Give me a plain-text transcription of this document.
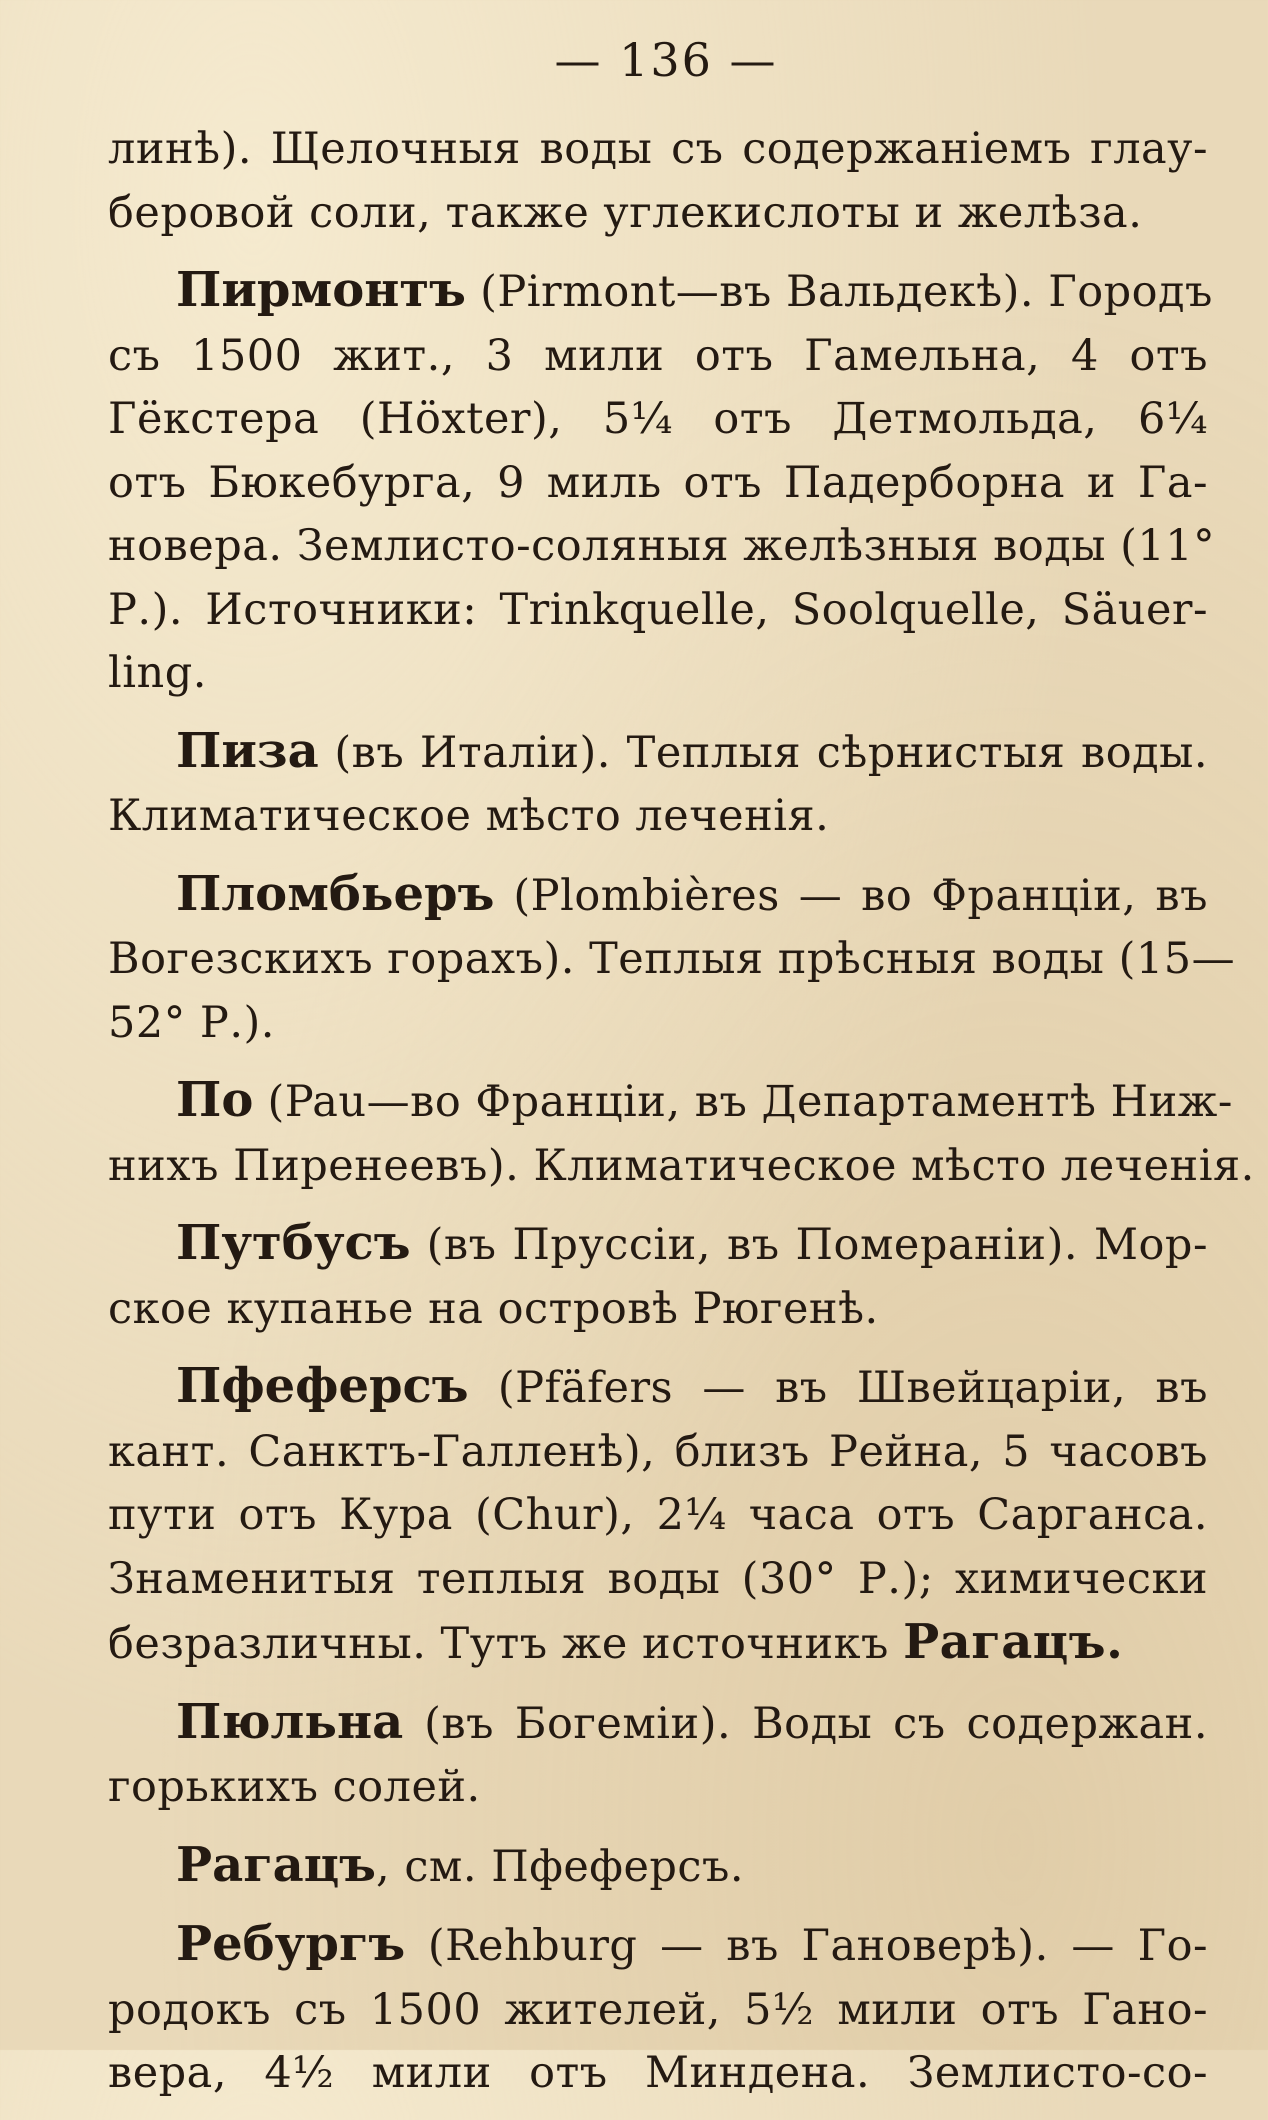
— 136 —
линѣ). Щелочныя воды съ содержаніемъ глау-
беровой соли, также углекислоты и желѣза.
Пирмонтъ (Pirmont—въ Вальдекѣ). Городъ
съ 1500 жит., 3 мили отъ Гамельна, 4 отъ
Гёкстера (Höxter), 5¼ отъ Детмольда, 6¼
отъ Бюкебурга, 9 миль отъ Падерборна и Га-
новера. Землисто-соляныя желѣзныя воды (11°
Р.). Источники: Trinkquelle, Soolquelle, Säuer-
ling.
Пиза (въ Италіи). Теплыя сѣрнистыя воды.
Климатическое мѣсто леченія.
Пломбьеръ (Plombières — во Франціи, въ
Вогезскихъ горахъ). Теплыя прѣсныя воды (15—
52° Р.).
По (Pau—во Франціи, въ Департаментѣ Ниж-
нихъ Пиренеевъ). Климатическое мѣсто леченія.
Путбусъ (въ Пруссіи, въ Помераніи). Мор-
ское купанье на островѣ Рюгенѣ.
Пфеферсъ (Pfäfers — въ Швейцаріи, въ
кант. Санктъ-Галленѣ), близъ Рейна, 5 часовъ
пути отъ Кура (Chur), 2¼ часа отъ Сарганса.
Знаменитыя теплыя воды (30° Р.); химически
безразличны. Тутъ же источникъ Рагацъ.
Пюльна (въ Богеміи). Воды съ содержан.
горькихъ солей.
Рагацъ, см. Пфеферсъ.
Ребургъ (Rehburg — въ Гановерѣ). — Го-
родокъ съ 1500 жителей, 5½ мили отъ Гано-
вера, 4½ мили отъ Миндена. Землисто-со-
